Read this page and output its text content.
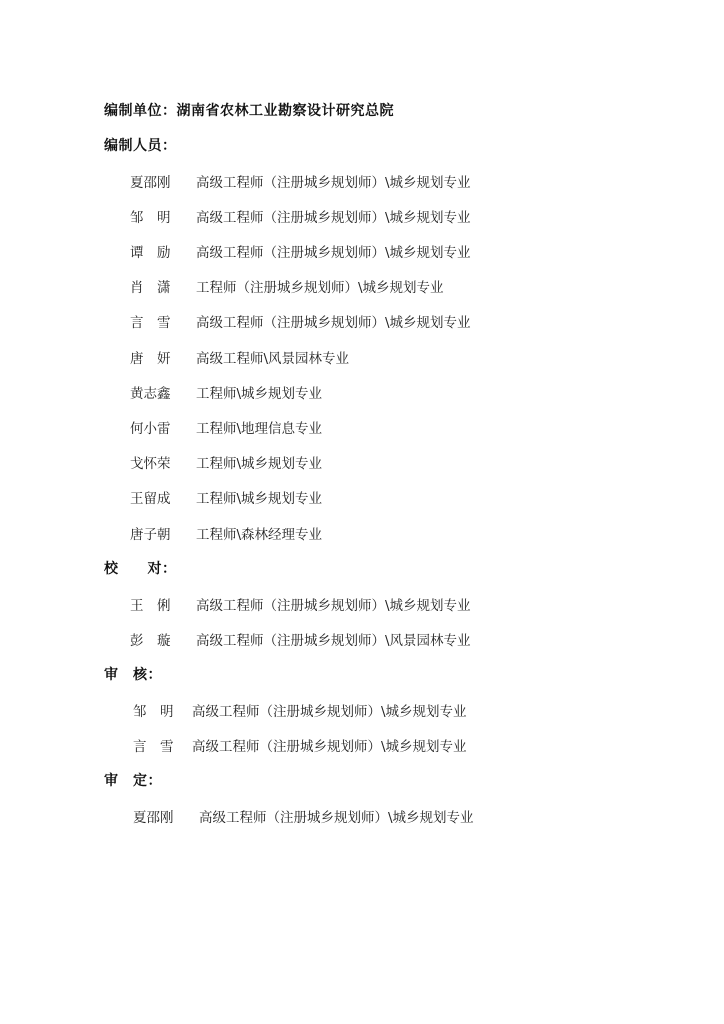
编制单位：湖南省农林工业勘察设计研究总院
编制人员：
夏邵刚 高级工程师（注册城乡规划师）\城乡规划专业
邹　明 高级工程师（注册城乡规划师）\城乡规划专业
谭　励 高级工程师（注册城乡规划师）\城乡规划专业
肖　潇 工程师（注册城乡规划师）\城乡规划专业
言　雪 高级工程师（注册城乡规划师）\城乡规划专业
唐　妍 高级工程师\风景园林专业
黄志鑫 工程师\城乡规划专业
何小雷 工程师\地理信息专业
戈怀荣 工程师\城乡规划专业
王留成 工程师\城乡规划专业
唐子朝 工程师\森林经理专业
校　　对：
王　俐 高级工程师（注册城乡规划师）\城乡规划专业
彭　璇 高级工程师（注册城乡规划师）\风景园林专业
审　核：
邹　明 高级工程师（注册城乡规划师）\城乡规划专业
言　雪 高级工程师（注册城乡规划师）\城乡规划专业
审　定：
夏邵刚 高级工程师（注册城乡规划师）\城乡规划专业
